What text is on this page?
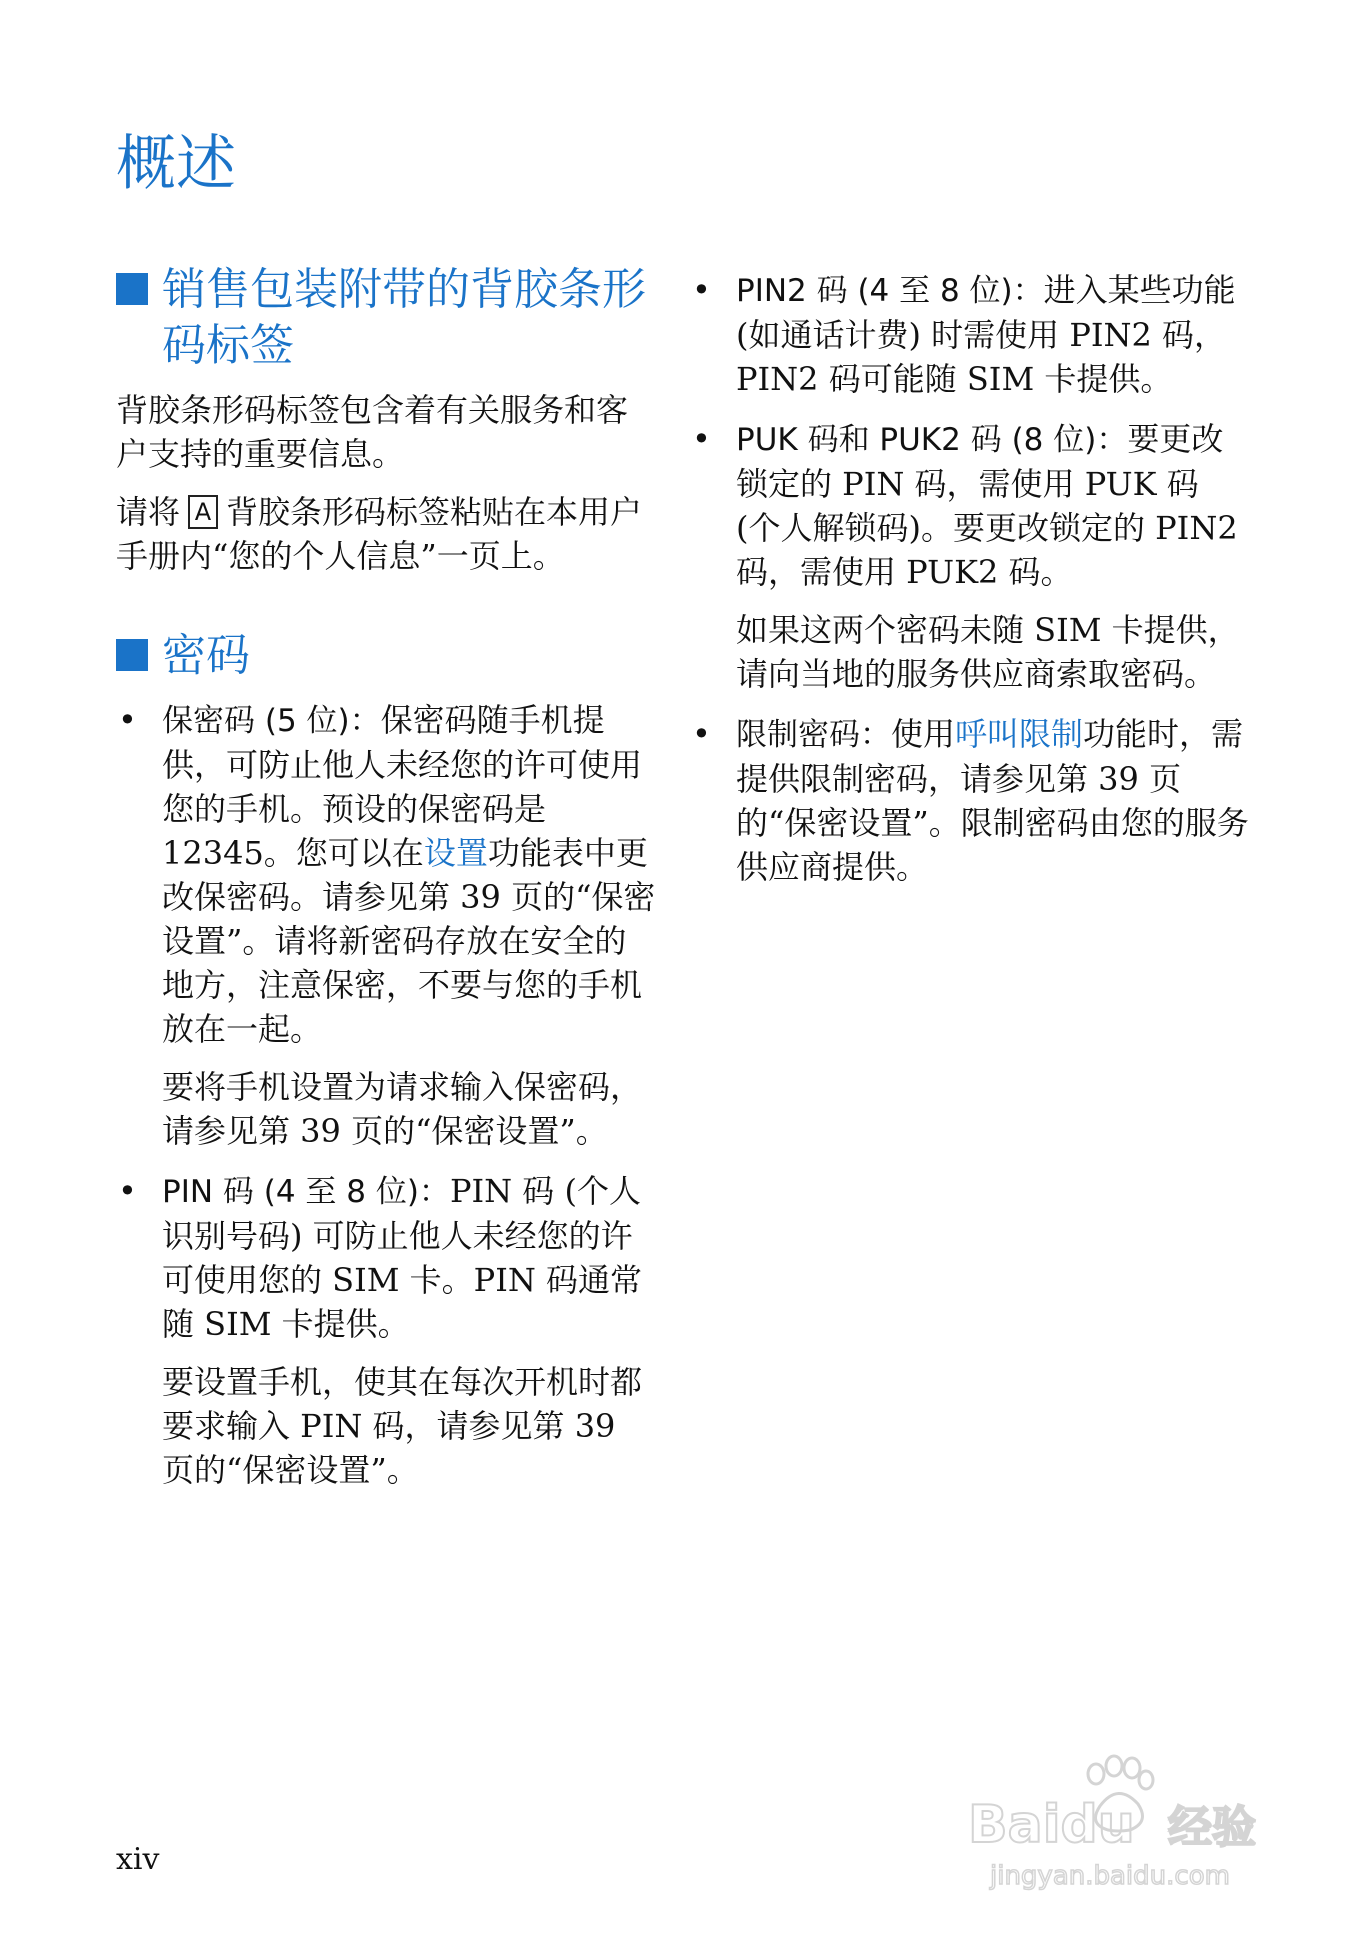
概述
销售包装附带的背胶条形码标签

背胶条形码标签包含着有关服务和客户支持的重要信息。

请将 A 背胶条形码标签粘贴在本用户手册内“您的个人信息”一页上。

密码
• 保密码 (5 位)：保密码随手机提供，可防止他人未经您的许可使用您的手机。预设的保密码是 12345。您可以在设置功能表中更改保密码。请参见第 39 页的“保密设置”。请将新密码存放在安全的地方，注意保密，不要与您的手机放在一起。

要将手机设置为请求输入保密码，请参见第 39 页的“保密设置”。

• PIN 码 (4 至 8 位)：PIN 码 (个人识别号码) 可防止他人未经您的许可使用您的 SIM 卡。PIN 码通常随 SIM 卡提供。

要设置手机，使其在每次开机时都要求输入 PIN 码，请参见第 39 页的“保密设置”。

• PIN2 码 (4 至 8 位)：进入某些功能 (如通话计费) 时需使用 PIN2 码，PIN2 码可能随 SIM 卡提供。

• PUK 码和 PUK2 码 (8 位)：要更改锁定的 PIN 码，需使用 PUK 码 (个人解锁码)。要更改锁定的 PIN2 码，需使用 PUK2 码。

如果这两个密码未随 SIM 卡提供，请向当地的服务供应商索取密码。

• 限制密码：使用呼叫限制功能时，需提供限制密码，请参见第 39 页的“保密设置”。限制密码由您的服务供应商提供。

xiv
Baidu 经验
jingyan.baidu.com
